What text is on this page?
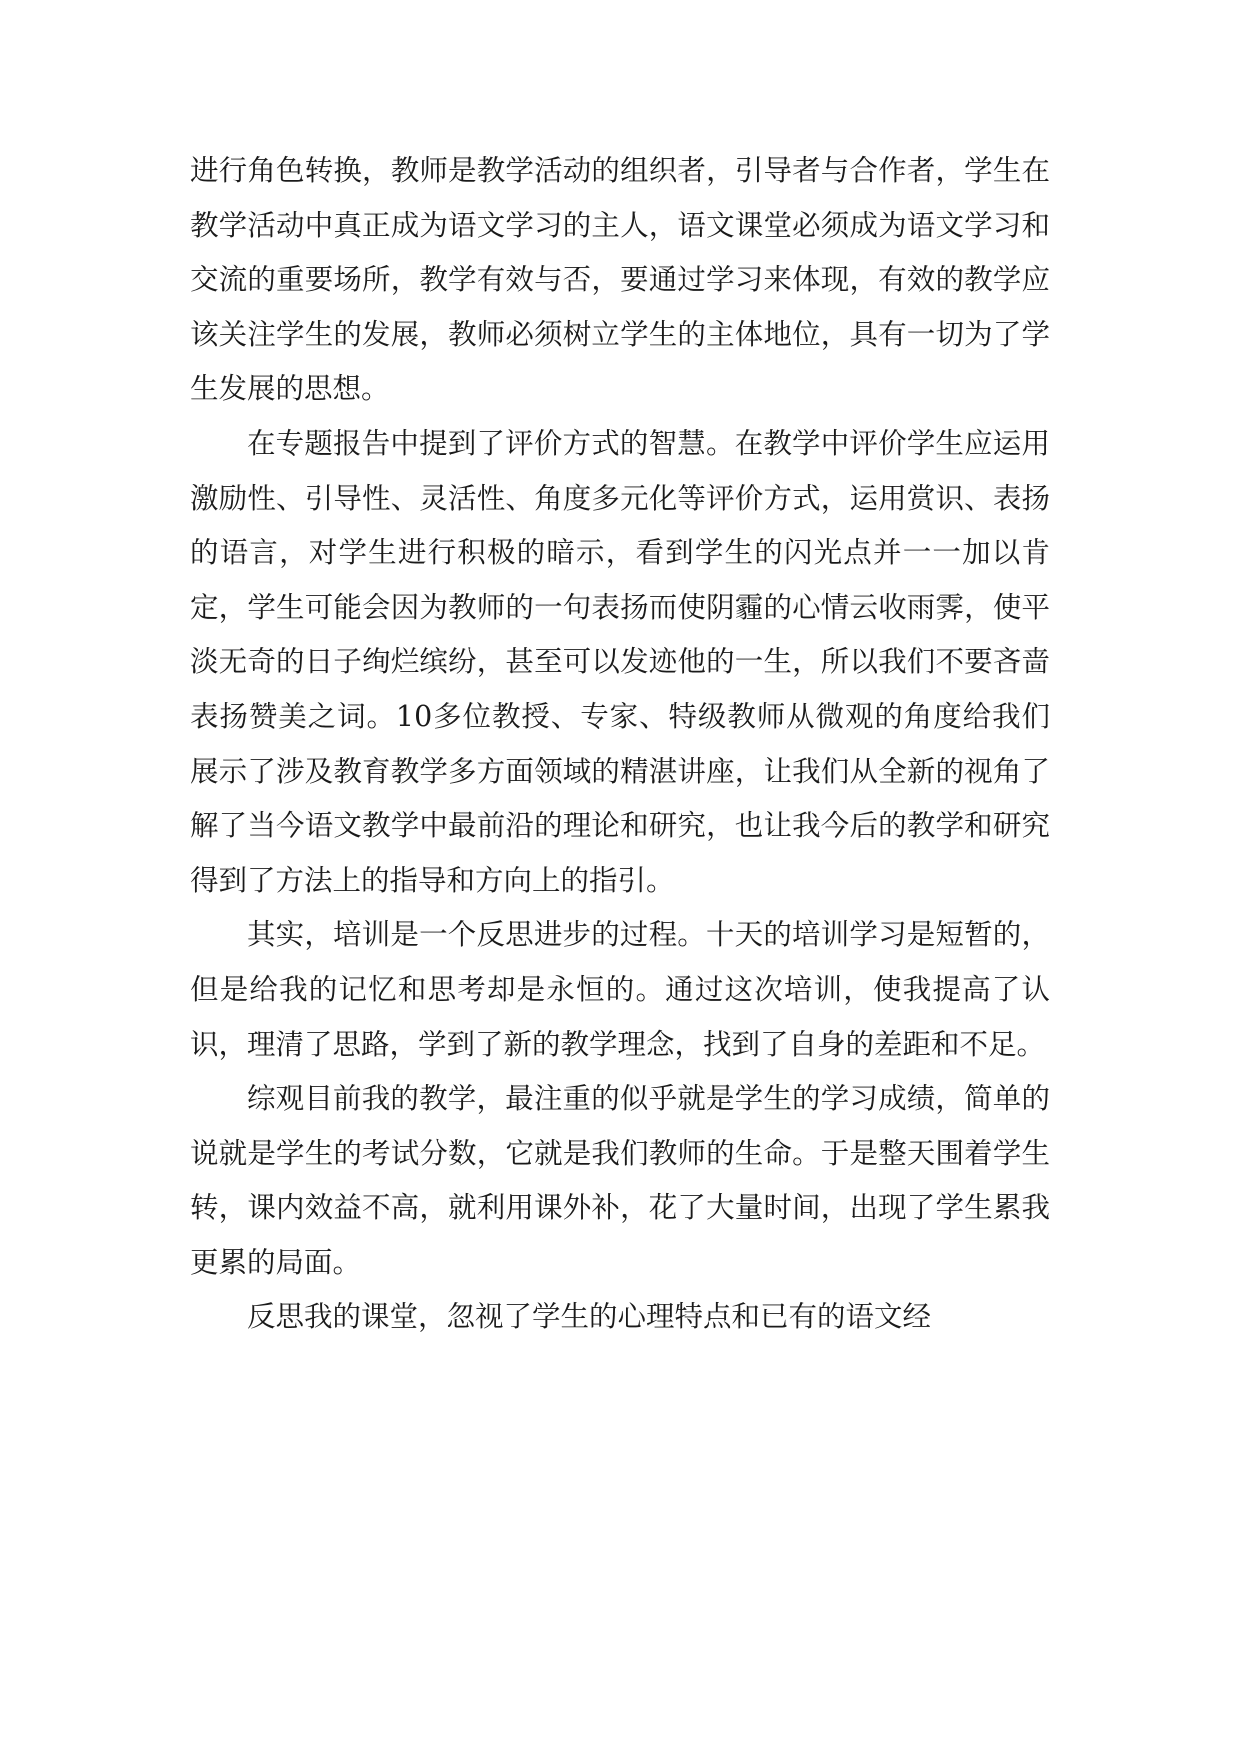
进行角色转换，教师是教学活动的组织者，引导者与合作者，学生在教学活动中真正成为语文学习的主人，语文课堂必须成为语文学习和交流的重要场所，教学有效与否，要通过学习来体现，有效的教学应该关注学生的发展，教师必须树立学生的主体地位，具有一切为了学生发展的思想。

在专题报告中提到了评价方式的智慧。在教学中评价学生应运用激励性、引导性、灵活性、角度多元化等评价方式，运用赏识、表扬的语言，对学生进行积极的暗示，看到学生的闪光点并一一加以肯定，学生可能会因为教师的一句表扬而使阴霾的心情云收雨霁，使平淡无奇的日子绚烂缤纷，甚至可以发迹他的一生，所以我们不要吝啬表扬赞美之词。10多位教授、专家、特级教师从微观的角度给我们展示了涉及教育教学多方面领域的精湛讲座，让我们从全新的视角了解了当今语文教学中最前沿的理论和研究，也让我今后的教学和研究得到了方法上的指导和方向上的指引。

其实，培训是一个反思进步的过程。十天的培训学习是短暂的，但是给我的记忆和思考却是永恒的。通过这次培训，使我提高了认识，理清了思路，学到了新的教学理念，找到了自身的差距和不足。

综观目前我的教学，最注重的似乎就是学生的学习成绩，简单的说就是学生的考试分数，它就是我们教师的生命。于是整天围着学生转，课内效益不高，就利用课外补，花了大量时间，出现了学生累我更累的局面。

反思我的课堂，忽视了学生的心理特点和已有的语文经
